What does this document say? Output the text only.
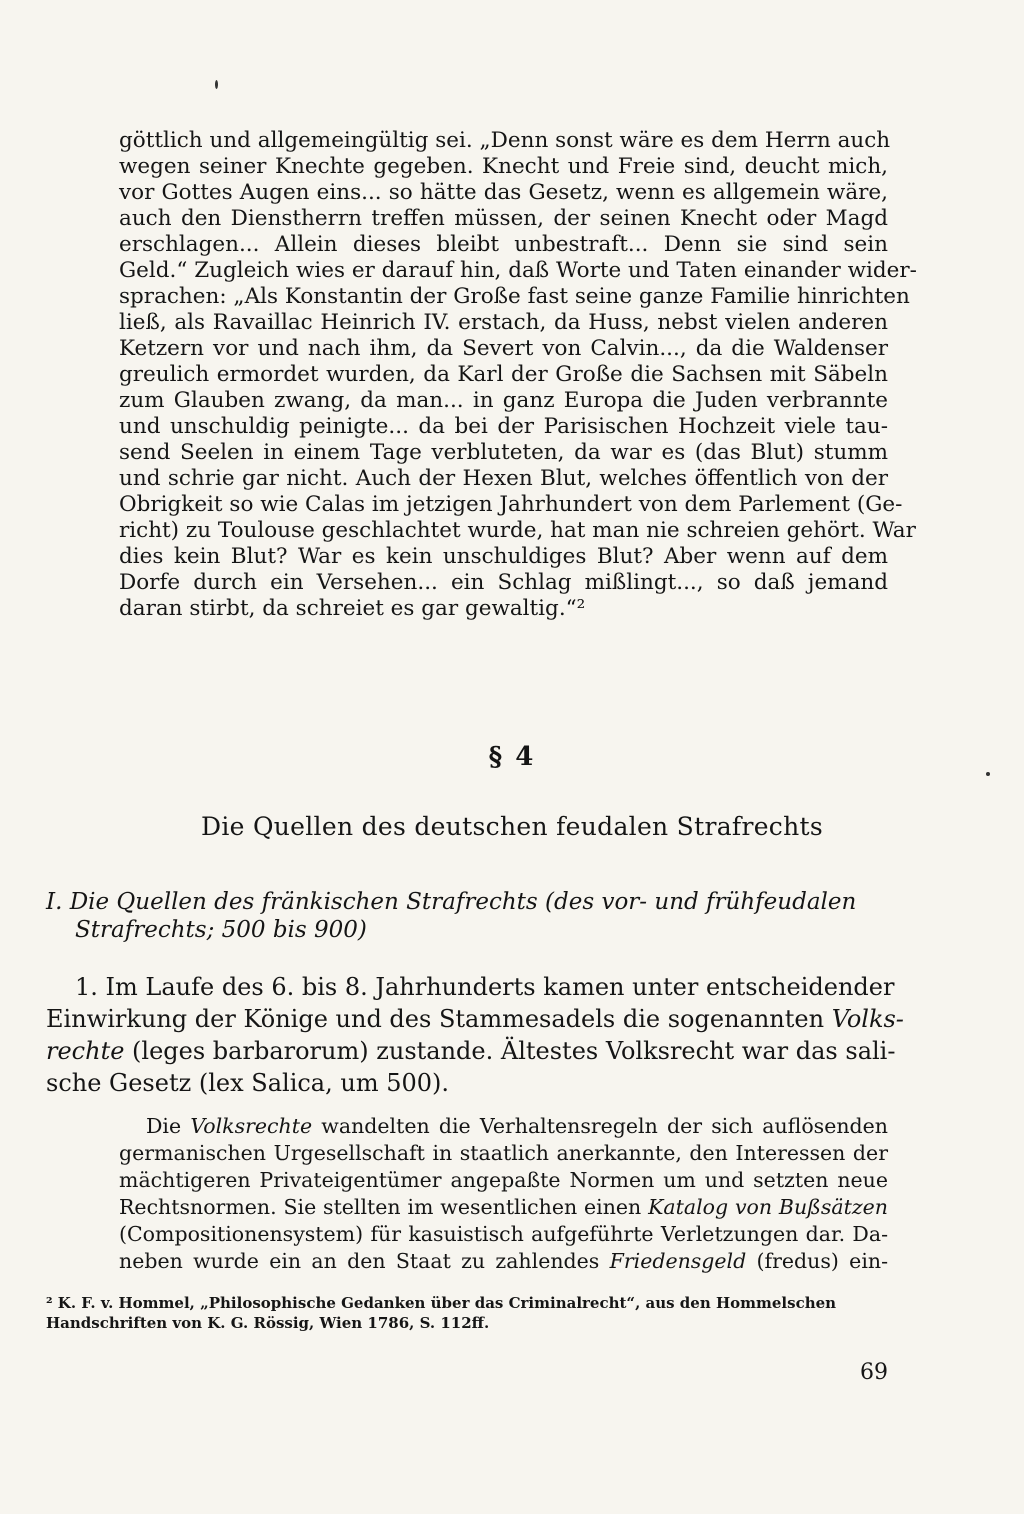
göttlich und allgemeingültig sei. „Denn sonst wäre es dem Herrn auch
wegen seiner Knechte gegeben. Knecht und Freie sind, deucht mich,
vor Gottes Augen eins... so hätte das Gesetz, wenn es allgemein wäre,
auch den Dienstherrn treffen müssen, der seinen Knecht oder Magd
erschlagen... Allein dieses bleibt unbestraft... Denn sie sind sein
Geld.“ Zugleich wies er darauf hin, daß Worte und Taten einander wider-
sprachen: „Als Konstantin der Große fast seine ganze Familie hinrichten
ließ, als Ravaillac Heinrich IV. erstach, da Huss, nebst vielen anderen
Ketzern vor und nach ihm, da Severt von Calvin..., da die Waldenser
greulich ermordet wurden, da Karl der Große die Sachsen mit Säbeln
zum Glauben zwang, da man... in ganz Europa die Juden verbrannte
und unschuldig peinigte... da bei der Parisischen Hochzeit viele tau-
send Seelen in einem Tage verbluteten, da war es (das Blut) stumm
und schrie gar nicht. Auch der Hexen Blut, welches öffentlich von der
Obrigkeit so wie Calas im jetzigen Jahrhundert von dem Parlement (Ge-
richt) zu Toulouse geschlachtet wurde, hat man nie schreien gehört. War
dies kein Blut? War es kein unschuldiges Blut? Aber wenn auf dem
Dorfe durch ein Versehen... ein Schlag mißlingt..., so daß jemand
daran stirbt, da schreiet es gar gewaltig.“²
§ 4
Die Quellen des deutschen feudalen Strafrechts
I. Die Quellen des fränkischen Strafrechts (des vor- und frühfeudalen
Strafrechts; 500 bis 900)
1. Im Laufe des 6. bis 8. Jahrhunderts kamen unter entscheidender
Einwirkung der Könige und des Stammesadels die sogenannten Volks-
rechte (leges barbarorum) zustande. Ältestes Volksrecht war das sali-
sche Gesetz (lex Salica, um 500).
Die Volksrechte wandelten die Verhaltensregeln der sich auflösenden
germanischen Urgesellschaft in staatlich anerkannte, den Interessen der
mächtigeren Privateigentümer angepaßte Normen um und setzten neue
Rechtsnormen. Sie stellten im wesentlichen einen Katalog von Bußsätzen
(Compositionensystem) für kasuistisch aufgeführte Verletzungen dar. Da-
neben wurde ein an den Staat zu zahlendes Friedensgeld (fredus) ein-
² K. F. v. Hommel, „Philosophische Gedanken über das Criminalrecht“, aus den Hommelschen
Handschriften von K. G. Rössig, Wien 1786, S. 112ff.
69
